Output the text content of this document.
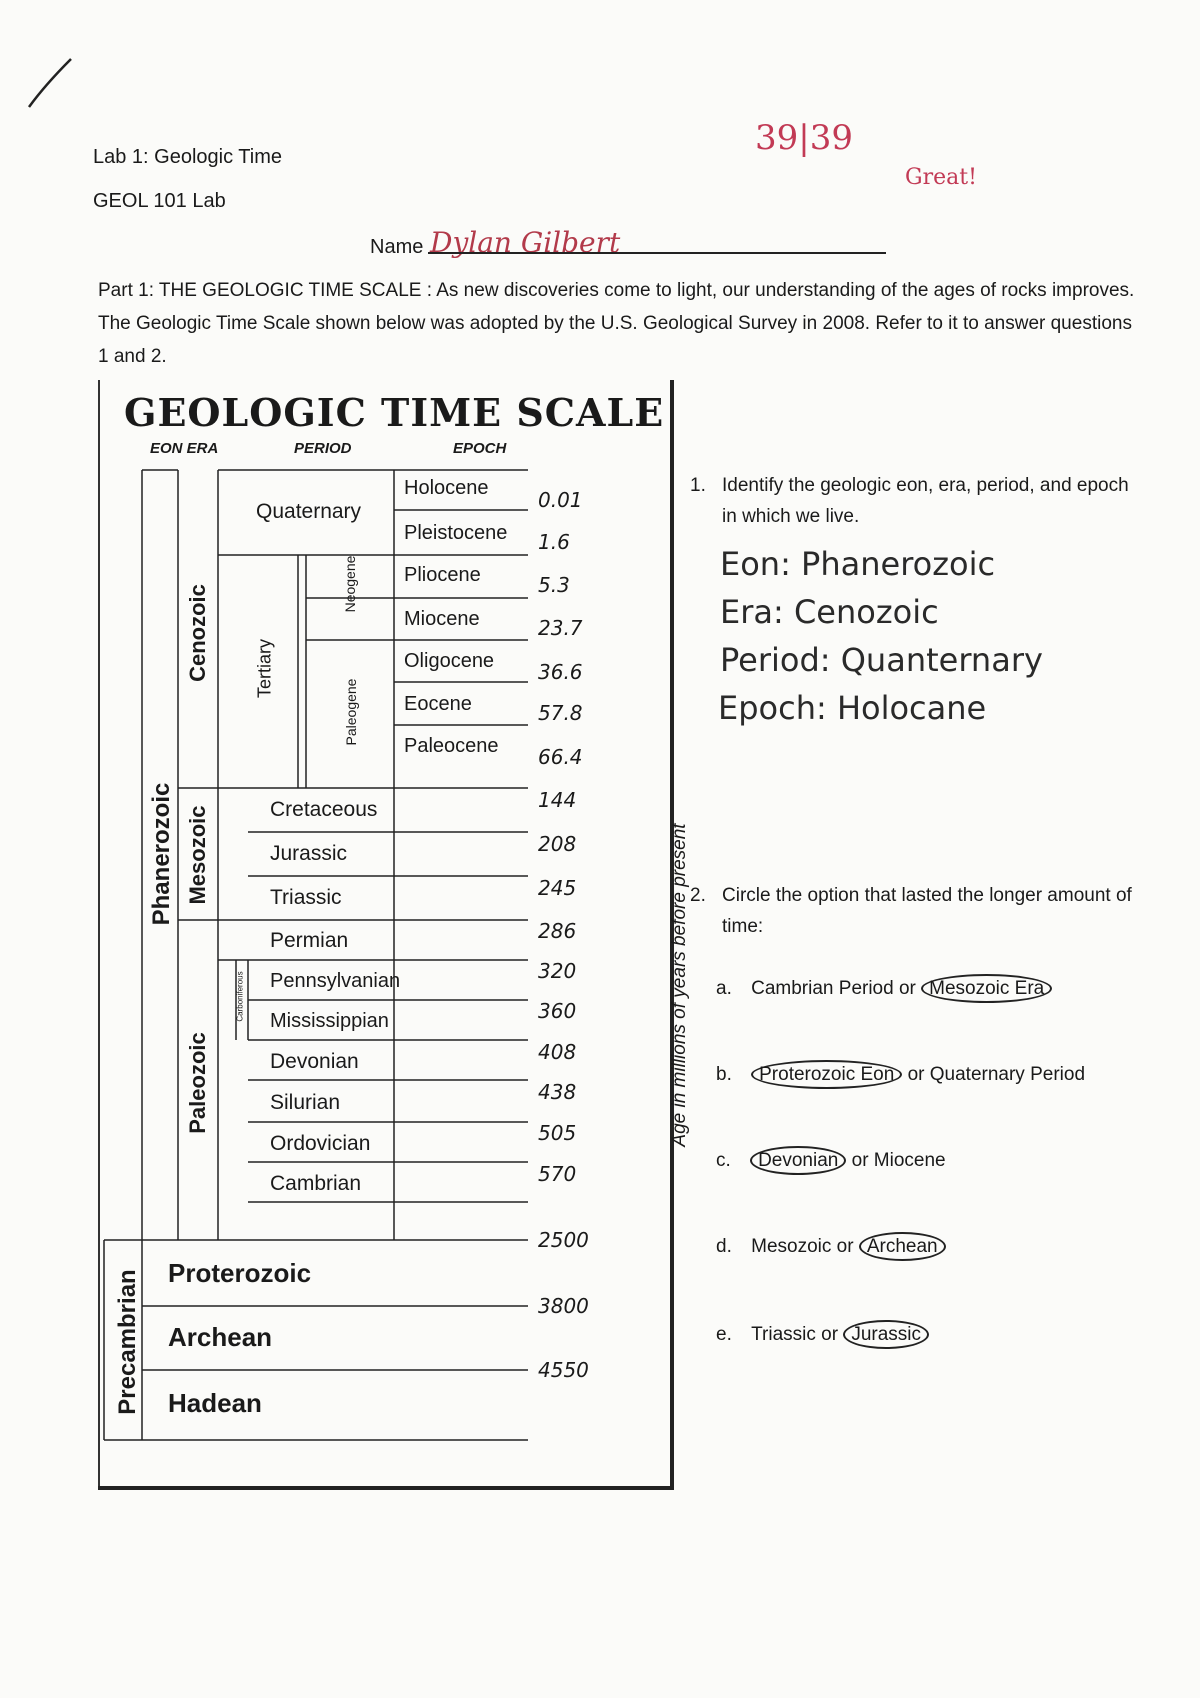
Lab 1: Geologic Time
GEOL 101 Lab
39|39
Great!
Name Dylan Gilbert
Part 1: THE GEOLOGIC TIME SCALE : As new discoveries come to light, our understanding of the ages of rocks improves. The Geologic Time Scale shown below was adopted by the U.S. Geological Survey in 2008. Refer to it to answer questions 1 and 2.
GEOLOGIC TIME SCALE
EON ERA	PERIOD	EPOCH
Phanerozoic
Precambrian
Cenozoic
Mesozoic
Paleozoic
Tertiary
Neogene
Paleogene
Carboniferous
Quaternary
Holocene
Pleistocene
Pliocene
Miocene
Oligocene
Eocene
Paleocene
Cretaceous
Jurassic
Triassic
Permian
Pennsylvanian
Mississippian
Devonian
Silurian
Ordovician
Cambrian
Proterozoic
Archean
Hadean
Age in millions of years before present
0.01
1.6
5.3
23.7
36.6
57.8
66.4
144
208
245
286
320
360
408
438
505
570
2500
3800
4550
1. Identify the geologic eon, era, period, and epoch in which we live.
Eon: Phanerozoic
Era: Cenozoic
Period: Quanternary
Epoch: Holocane
2. Circle the option that lasted the longer amount of time:
a. Cambrian Period or Mesozoic Era
b. Proterozoic Eon or Quaternary Period
c. Devonian or Miocene
d. Mesozoic or Archean
e. Triassic or Jurassic
